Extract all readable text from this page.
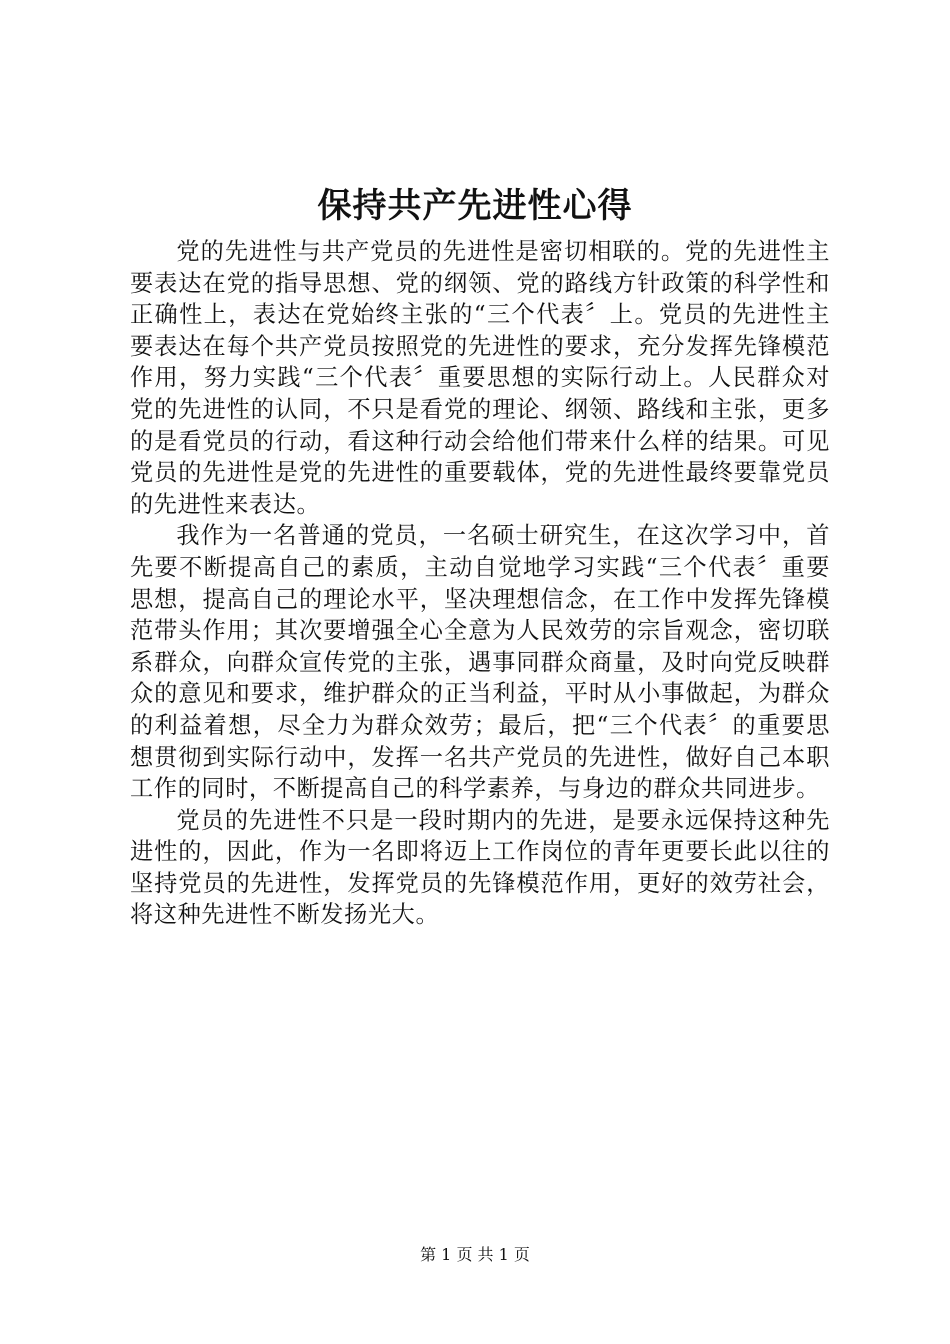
保持共产先进性心得

党的先进性与共产党员的先进性是密切相联的。党的先进性主要表达在党的指导思想、党的纲领、党的路线方针政策的科学性和正确性上，表达在党始终主张的“三个代表〞上。党员的先进性主要表达在每个共产党员按照党的先进性的要求，充分发挥先锋模范作用，努力实践“三个代表〞重要思想的实际行动上。人民群众对党的先进性的认同，不只是看党的理论、纲领、路线和主张，更多的是看党员的行动，看这种行动会给他们带来什么样的结果。可见党员的先进性是党的先进性的重要载体，党的先进性最终要靠党员的先进性来表达。

我作为一名普通的党员，一名硕士研究生，在这次学习中，首先要不断提高自己的素质，主动自觉地学习实践“三个代表〞重要思想，提高自己的理论水平，坚决理想信念，在工作中发挥先锋模范带头作用；其次要增强全心全意为人民效劳的宗旨观念，密切联系群众，向群众宣传党的主张，遇事同群众商量，及时向党反映群众的意见和要求，维护群众的正当利益，平时从小事做起，为群众的利益着想，尽全力为群众效劳；最后，把“三个代表〞的重要思想贯彻到实际行动中，发挥一名共产党员的先进性，做好自己本职工作的同时，不断提高自己的科学素养，与身边的群众共同进步。

党员的先进性不只是一段时期内的先进，是要永远保持这种先进性的，因此，作为一名即将迈上工作岗位的青年更要长此以往的坚持党员的先进性，发挥党员的先锋模范作用，更好的效劳社会，将这种先进性不断发扬光大。

第 1 页 共 1 页
